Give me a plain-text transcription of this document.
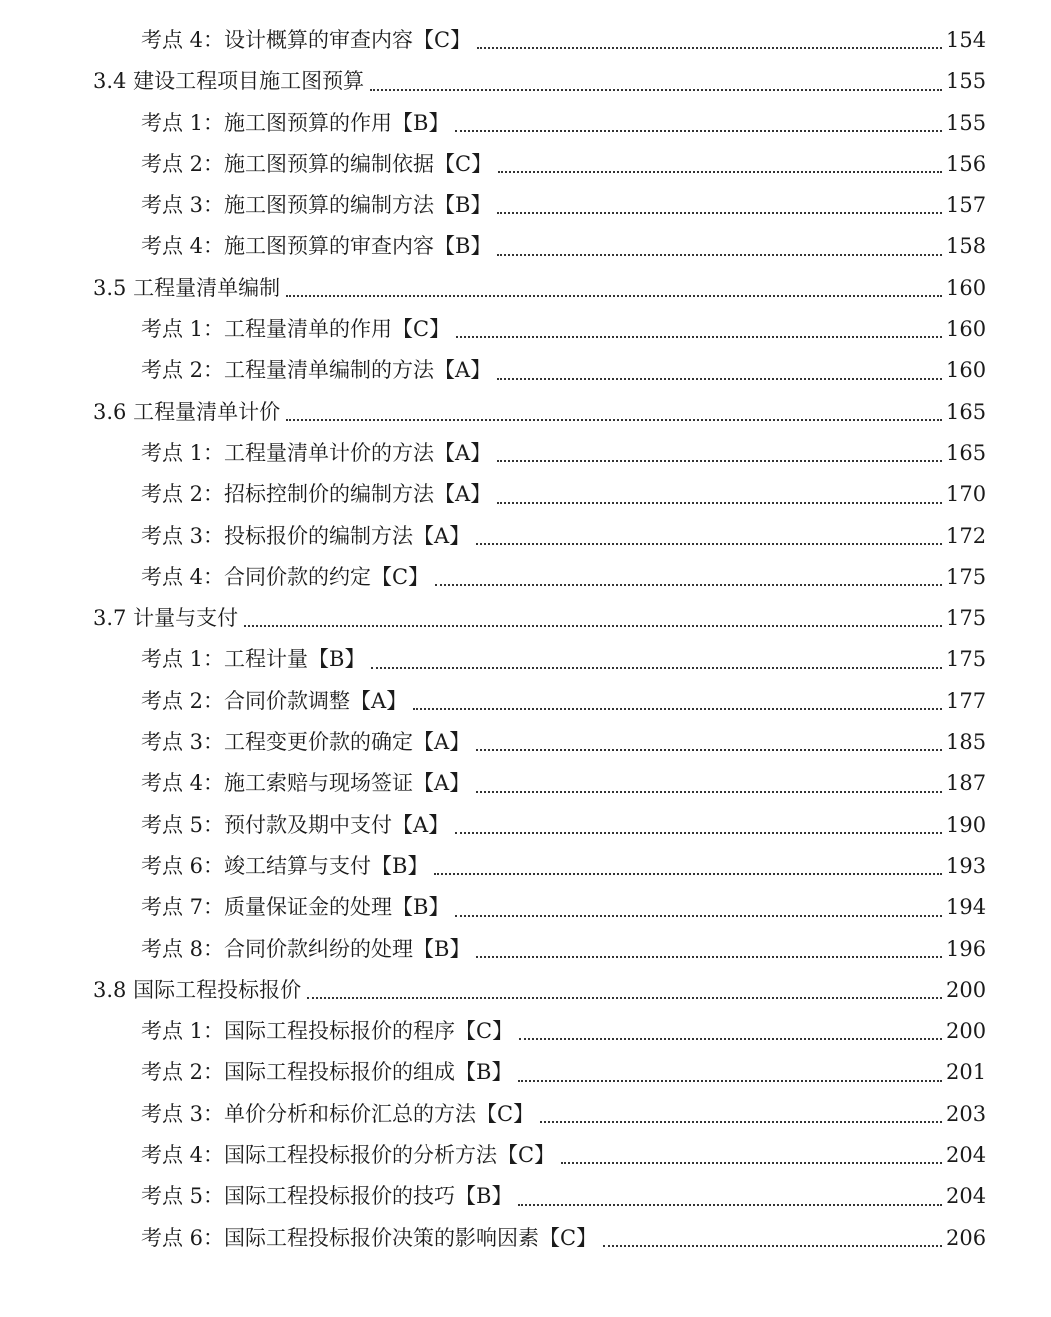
考点 4：设计概算的审查内容【C】	154
3.4 建设工程项目施工图预算	155
考点 1：施工图预算的作用【B】	155
考点 2：施工图预算的编制依据【C】	156
考点 3：施工图预算的编制方法【B】	157
考点 4：施工图预算的审查内容【B】	158
3.5 工程量清单编制	160
考点 1：工程量清单的作用【C】	160
考点 2：工程量清单编制的方法【A】	160
3.6 工程量清单计价	165
考点 1：工程量清单计价的方法【A】	165
考点 2：招标控制价的编制方法【A】	170
考点 3：投标报价的编制方法【A】	172
考点 4：合同价款的约定【C】	175
3.7 计量与支付	175
考点 1：工程计量【B】	175
考点 2：合同价款调整【A】	177
考点 3：工程变更价款的确定【A】	185
考点 4：施工索赔与现场签证【A】	187
考点 5：预付款及期中支付【A】	190
考点 6：竣工结算与支付【B】	193
考点 7：质量保证金的处理【B】	194
考点 8：合同价款纠纷的处理【B】	196
3.8 国际工程投标报价	200
考点 1：国际工程投标报价的程序【C】	200
考点 2：国际工程投标报价的组成【B】	201
考点 3：单价分析和标价汇总的方法【C】	203
考点 4：国际工程投标报价的分析方法【C】	204
考点 5：国际工程投标报价的技巧【B】	204
考点 6：国际工程投标报价决策的影响因素【C】	206
